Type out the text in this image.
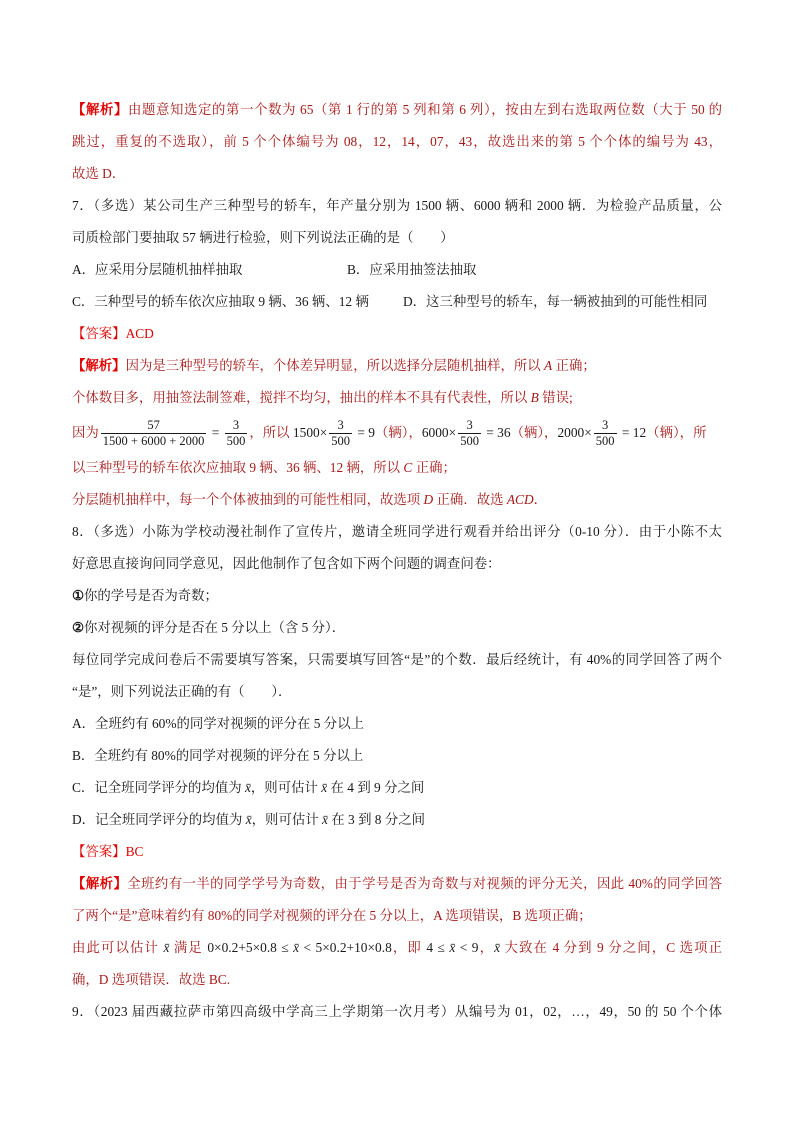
【解析】由题意知选定的第一个数为 65（第 1 行的第 5 列和第 6 列），按由左到右选取两位数（大于 50 的
跳过，重复的不选取），前 5 个个体编号为 08，12，14，07，43，故选出来的第 5 个个体的编号为 43，
故选 D．
7．（多选）某公司生产三种型号的轿车，年产量分别为 1500 辆、6000 辆和 2000 辆．为检验产品质量，公
司质检部门要抽取 57 辆进行检验，则下列说法正确的是（　　）
A．应采用分层随机抽样抽取	B．应采用抽签法抽取
C．三种型号的轿车依次应抽取 9 辆、36 辆、12 辆	D．这三种型号的轿车，每一辆被抽到的可能性相同
【答案】ACD
【解析】因为是三种型号的轿车，个体差异明显，所以选择分层随机抽样，所以 A 正确；
个体数目多，用抽签法制签难，搅拌不均匀，抽出的样本不具有代表性，所以 B 错误;
因为 $\frac{57}{1500 + 6000 + 2000} = \frac{3}{500}$ ，所以 $1500\times \frac{3}{500} = 9$（辆），$6000\times \frac{3}{500} = 36$（辆），$2000\times \frac{3}{500} = 12$（辆），所
以三种型号的轿车依次应抽取 9 辆、36 辆、12 辆，所以 C 正确；
分层随机抽样中，每一个个体被抽到的可能性相同，故选项 D 正确．故选 ACD．
8．（多选）小陈为学校动漫社制作了宣传片，邀请全班同学进行观看并给出评分（0-10 分）．由于小陈不太
好意思直接询问同学意见，因此他制作了包含如下两个问题的调查问卷：
①你的学号是否为奇数；
②你对视频的评分是否在 5 分以上（含 5 分）．
每位同学完成问卷后不需要填写答案，只需要填写回答“是”的个数．最后经统计，有 40%的同学回答了两个
“是”，则下列说法正确的有（　　）．
A．全班约有 60%的同学对视频的评分在 5 分以上
B．全班约有 80%的同学对视频的评分在 5 分以上
C．记全班同学评分的均值为 x̄，则可估计 x̄ 在 4 到 9 分之间
D．记全班同学评分的均值为 x̄，则可估计 x̄ 在 3 到 8 分之间
【答案】BC
【解析】全班约有一半的同学学号为奇数，由于学号是否为奇数与对视频的评分无关，因此 40%的同学回答
了两个“是”意味着约有 80%的同学对视频的评分在 5 分以上，A 选项错误，B 选项正确；
由此可以估计 x̄ 满足 0×0.2+5×0.8 ≤ x̄ < 5×0.2+10×0.8，即 4 ≤ x̄ < 9，x̄ 大致在 4 分到 9 分之间，C 选项正
确，D 选项错误．故选 BC.
9．（2023 届西藏拉萨市第四高级中学高三上学期第一次月考）从编号为 01，02，…，49，50 的 50 个个体
